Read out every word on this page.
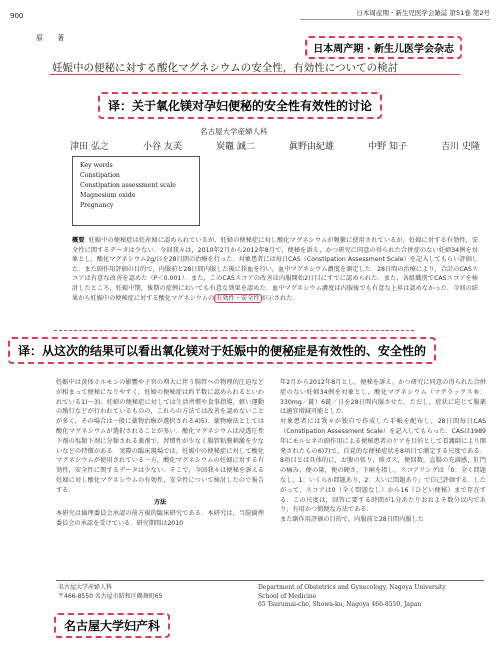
900
原 著
日本周産期・新生児医学会雑誌 第51巻 第2号
日本周产期 · 新生儿医学会杂志
妊娠中の便秘に対する酸化マグネシウムの安全性，有効性についての検討
译：关于氧化镁对孕妇便秘的安全性有效性的讨论
名古屋大学産婦人科
津田 弘之	小谷 友美	炭竈 誠二	眞野由紀雄	中野 知子	吉川 史隆
Key words
Constipation
Constipation assessment scale
Magnesium oxide
Pregnancy
概要 妊娠中の便秘症は妊産婦に認められているが，妊婦の便秘症に対し酸化マグネシウムが頻繁に使用されているが，妊婦に対する有効性，安全性に関するデータは少ない．今回我々は，2010年2月から2012年8月で，便秘を訴え，かつ研究に同意の得られた合併症のない妊婦34例を対象とし，酸化マグネシウム2g/日を28日間の治療を行った．対象患者には毎日CAS（Constipation Assessment Scale）を記入してもらい評価した．また副作用評価の目的で，内服前と28日間内服した後に採血を行い，血中マグネシウム濃度を測定した．28日間の治療により，合計のCASスコアは有意な改善を認めた（P＜0.001）．また，このCASスコアの改善は内服開始2日目にすでに認められた．また，各組織別でCASスコアを検討したところ，妊娠中期，後期の症例においても有意な効果を認めた．血中マグネシウム濃度は内服後でも有意な上昇は認めなかった．今回の結果から妊娠中の便秘症に対する酸化マグネシウムの 有効性・安全性 が示された．
译：从这次的结果可以看出氧化镁对于妊娠中的便秘症是有效性的、安全性的

妊娠中は黄体ホルモンの影響や子宮の増大に伴う腸管への物理的圧迫などが相まって便秘になりやすく，妊婦の便秘症は約半数に認められるといわれている1)〜3)．妊婦の便秘症に対しては生活習慣や食事指導，軽い運動の励行などが行われているものの，これらの方法では改善を認めないことが多く，その場合は一般に薬物治療が選択される4)5)．薬物療法としては酸化マグネシウムが選択されることが多い．酸化マグネシウムは浸透圧性下剤の塩類下剤に分類される薬剤で，習慣性が少なく腸管粘膜刺激を少ないなどの特徴がある．実際の臨床現場では，妊娠中の便秘症に対して酸化マグネシウムが使用されている一方，酸化マグネシウムの妊婦に対する有効性，安全性に関するデータは少ない．そこで，今回我々は便秘を訴える妊婦に対し酸化マグネシウムの有効性，安全性について検討したので報告する．

方法

本研究は倫理委員会承認の前方視的臨床研究である．本研究は，当院倫理委員会の承認を受けている．研究期間は2010

年2月から2012年8月とし，便秘を訴え，かつ研究に同意の得られた合併症のない妊婦34例を対象とし，酸化マグネシウム（マグラックス®：330mg／錠）6錠／日を28日間内服させた．ただし，症状に応じて服薬は適宜増減可能とした．

対象患者には我々が独自で作成した手帳を配布し，28日間毎日CAS（Constipation Assessment Scale）を記入してもらった．CASは1989年にモルヒネの副作用による便秘患者のケアを目的として看護師により開発されたもの6)7)で，自覚的な便秘症状を8項目で測定する尺度である．8項目とは具体的に，お腹の張り，排ガス，便回数，直腸の充満感，肛門の痛み，便の量，便の硬さ，下痢を指し，スコアリングは「0：全く問題なし，1：いくらか問題あり，2：大いに問題あり」で自己評価する．したがって，スコアは0（全く問題なし）から16（ひどい便秘）まで存在する．この尺度は，回答に要する時間が1分あたりおおよそ数分以内であり，有用かつ簡便な方法である．

また副作用評価の目的で，内服前と28日間内服した

名古屋大学産婦人科
〒466-8550 名古屋市昭和区鶴舞町65
Department of Obstetrics and Gynecology, Nagoya University
School of Medicine
65 Tsurumai-cho, Showa-ku, Nagoya 466-8550, Japan
名古屋大学妇产科
